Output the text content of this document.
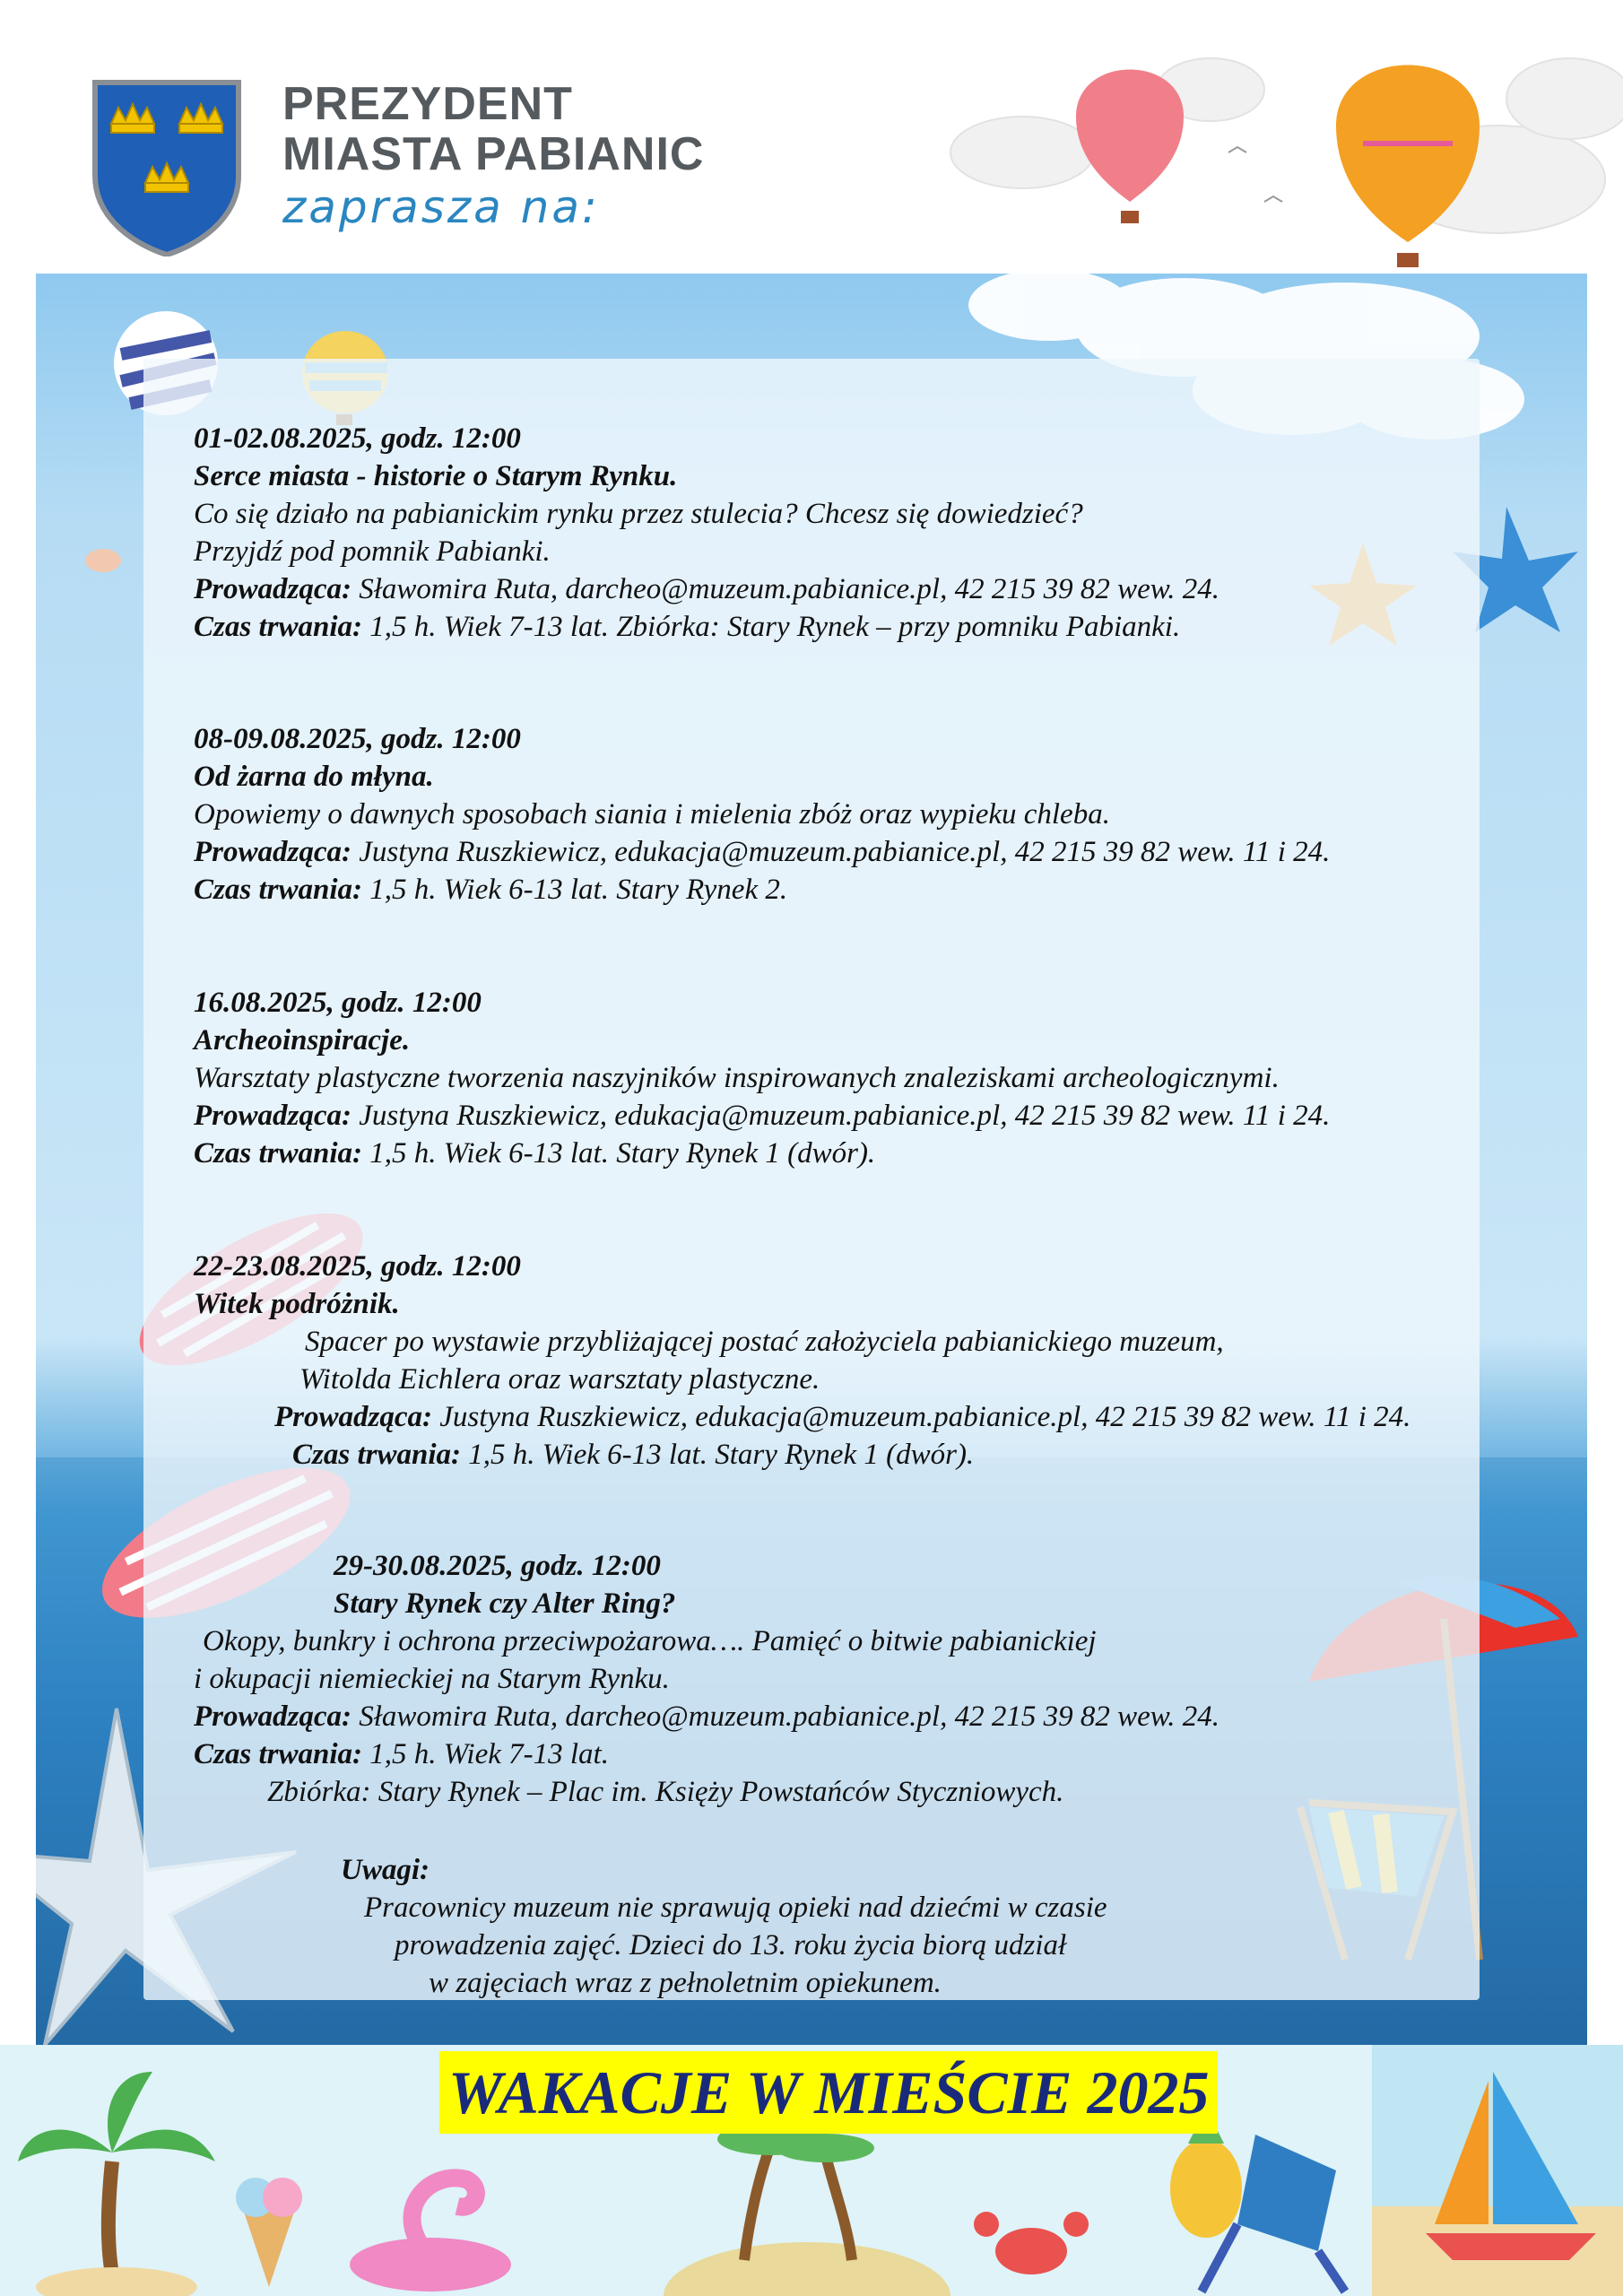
PREZYDENT
MIASTA PABIANIC
zaprasza na:

01-02.08.2025, godz. 12:00

Serce miasta - historie o Starym Rynku.

Co się działo na pabianickim rynku przez stulecia? Chcesz się dowiedzieć?

Przyjdź pod pomnik Pabianki.

Prowadząca: Sławomira Ruta, darcheo@muzeum.pabianice.pl, 42 215 39 82 wew. 24.

Czas trwania: 1,5 h. Wiek 7-13 lat. Zbiórka: Stary Rynek – przy pomniku Pabianki.

08-09.08.2025, godz. 12:00

Od żarna do młyna.

Opowiemy o dawnych sposobach siania i mielenia zbóż oraz wypieku chleba.

Prowadząca: Justyna Ruszkiewicz, edukacja@muzeum.pabianice.pl, 42 215 39 82 wew. 11 i 24.

Czas trwania: 1,5 h. Wiek 6-13 lat. Stary Rynek 2.

16.08.2025, godz. 12:00

Archeoinspiracje.

Warsztaty plastyczne tworzenia naszyjników inspirowanych znaleziskami archeologicznymi.

Prowadząca: Justyna Ruszkiewicz, edukacja@muzeum.pabianice.pl, 42 215 39 82 wew. 11 i 24.

Czas trwania: 1,5 h. Wiek 6-13 lat. Stary Rynek 1 (dwór).

22-23.08.2025, godz. 12:00

Witek podróżnik.

Spacer po wystawie przybliżającej postać założyciela pabianickiego muzeum,

Witolda Eichlera oraz warsztaty plastyczne.

Prowadząca: Justyna Ruszkiewicz, edukacja@muzeum.pabianice.pl, 42 215 39 82 wew. 11 i 24.

Czas trwania: 1,5 h. Wiek 6-13 lat. Stary Rynek 1 (dwór).

29-30.08.2025, godz. 12:00

Stary Rynek czy Alter Ring?

Okopy, bunkry i ochrona przeciwpożarowa…. Pamięć o bitwie pabianickiej

i okupacji niemieckiej na Starym Rynku.

Prowadząca: Sławomira Ruta, darcheo@muzeum.pabianice.pl, 42 215 39 82 wew. 24.

Czas trwania: 1,5 h. Wiek 7-13 lat.

Zbiórka: Stary Rynek – Plac im. Księży Powstańców Styczniowych.

Uwagi:

Pracownicy muzeum nie sprawują opieki nad dziećmi w czasie

prowadzenia zajęć. Dzieci do 13. roku życia biorą udział

w zajęciach wraz z pełnoletnim opiekunem.

WAKACJE W MIEŚCIE 2025
